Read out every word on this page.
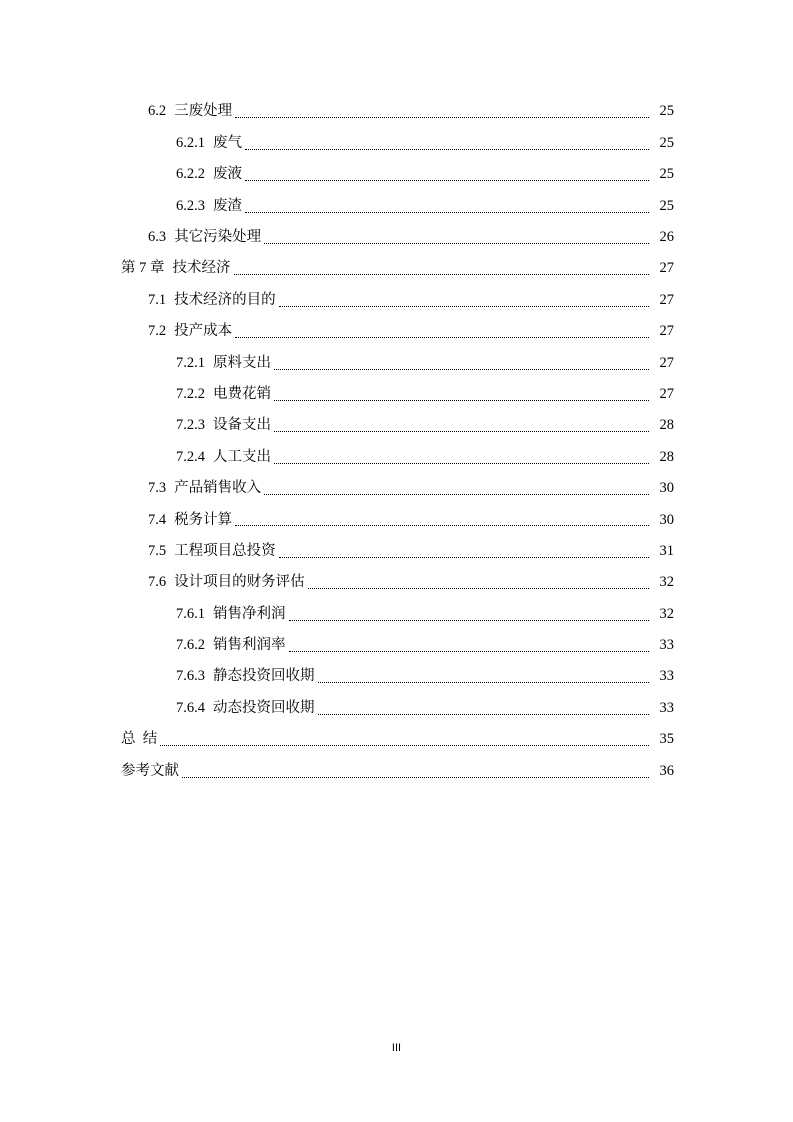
6.2 三废处理	25
6.2.1 废气	25
6.2.2 废液	25
6.2.3 废渣	25
6.3 其它污染处理	26
第 7 章 技术经济	27
7.1 技术经济的目的	27
7.2 投产成本	27
7.2.1 原料支出	27
7.2.2 电费花销	27
7.2.3 设备支出	28
7.2.4 人工支出	28
7.3 产品销售收入	30
7.4 税务计算	30
7.5 工程项目总投资	31
7.6 设计项目的财务评估	32
7.6.1 销售净利润	32
7.6.2 销售利润率	33
7.6.3 静态投资回收期	33
7.6.4 动态投资回收期	33
总  结	35
参考文献	36
III
